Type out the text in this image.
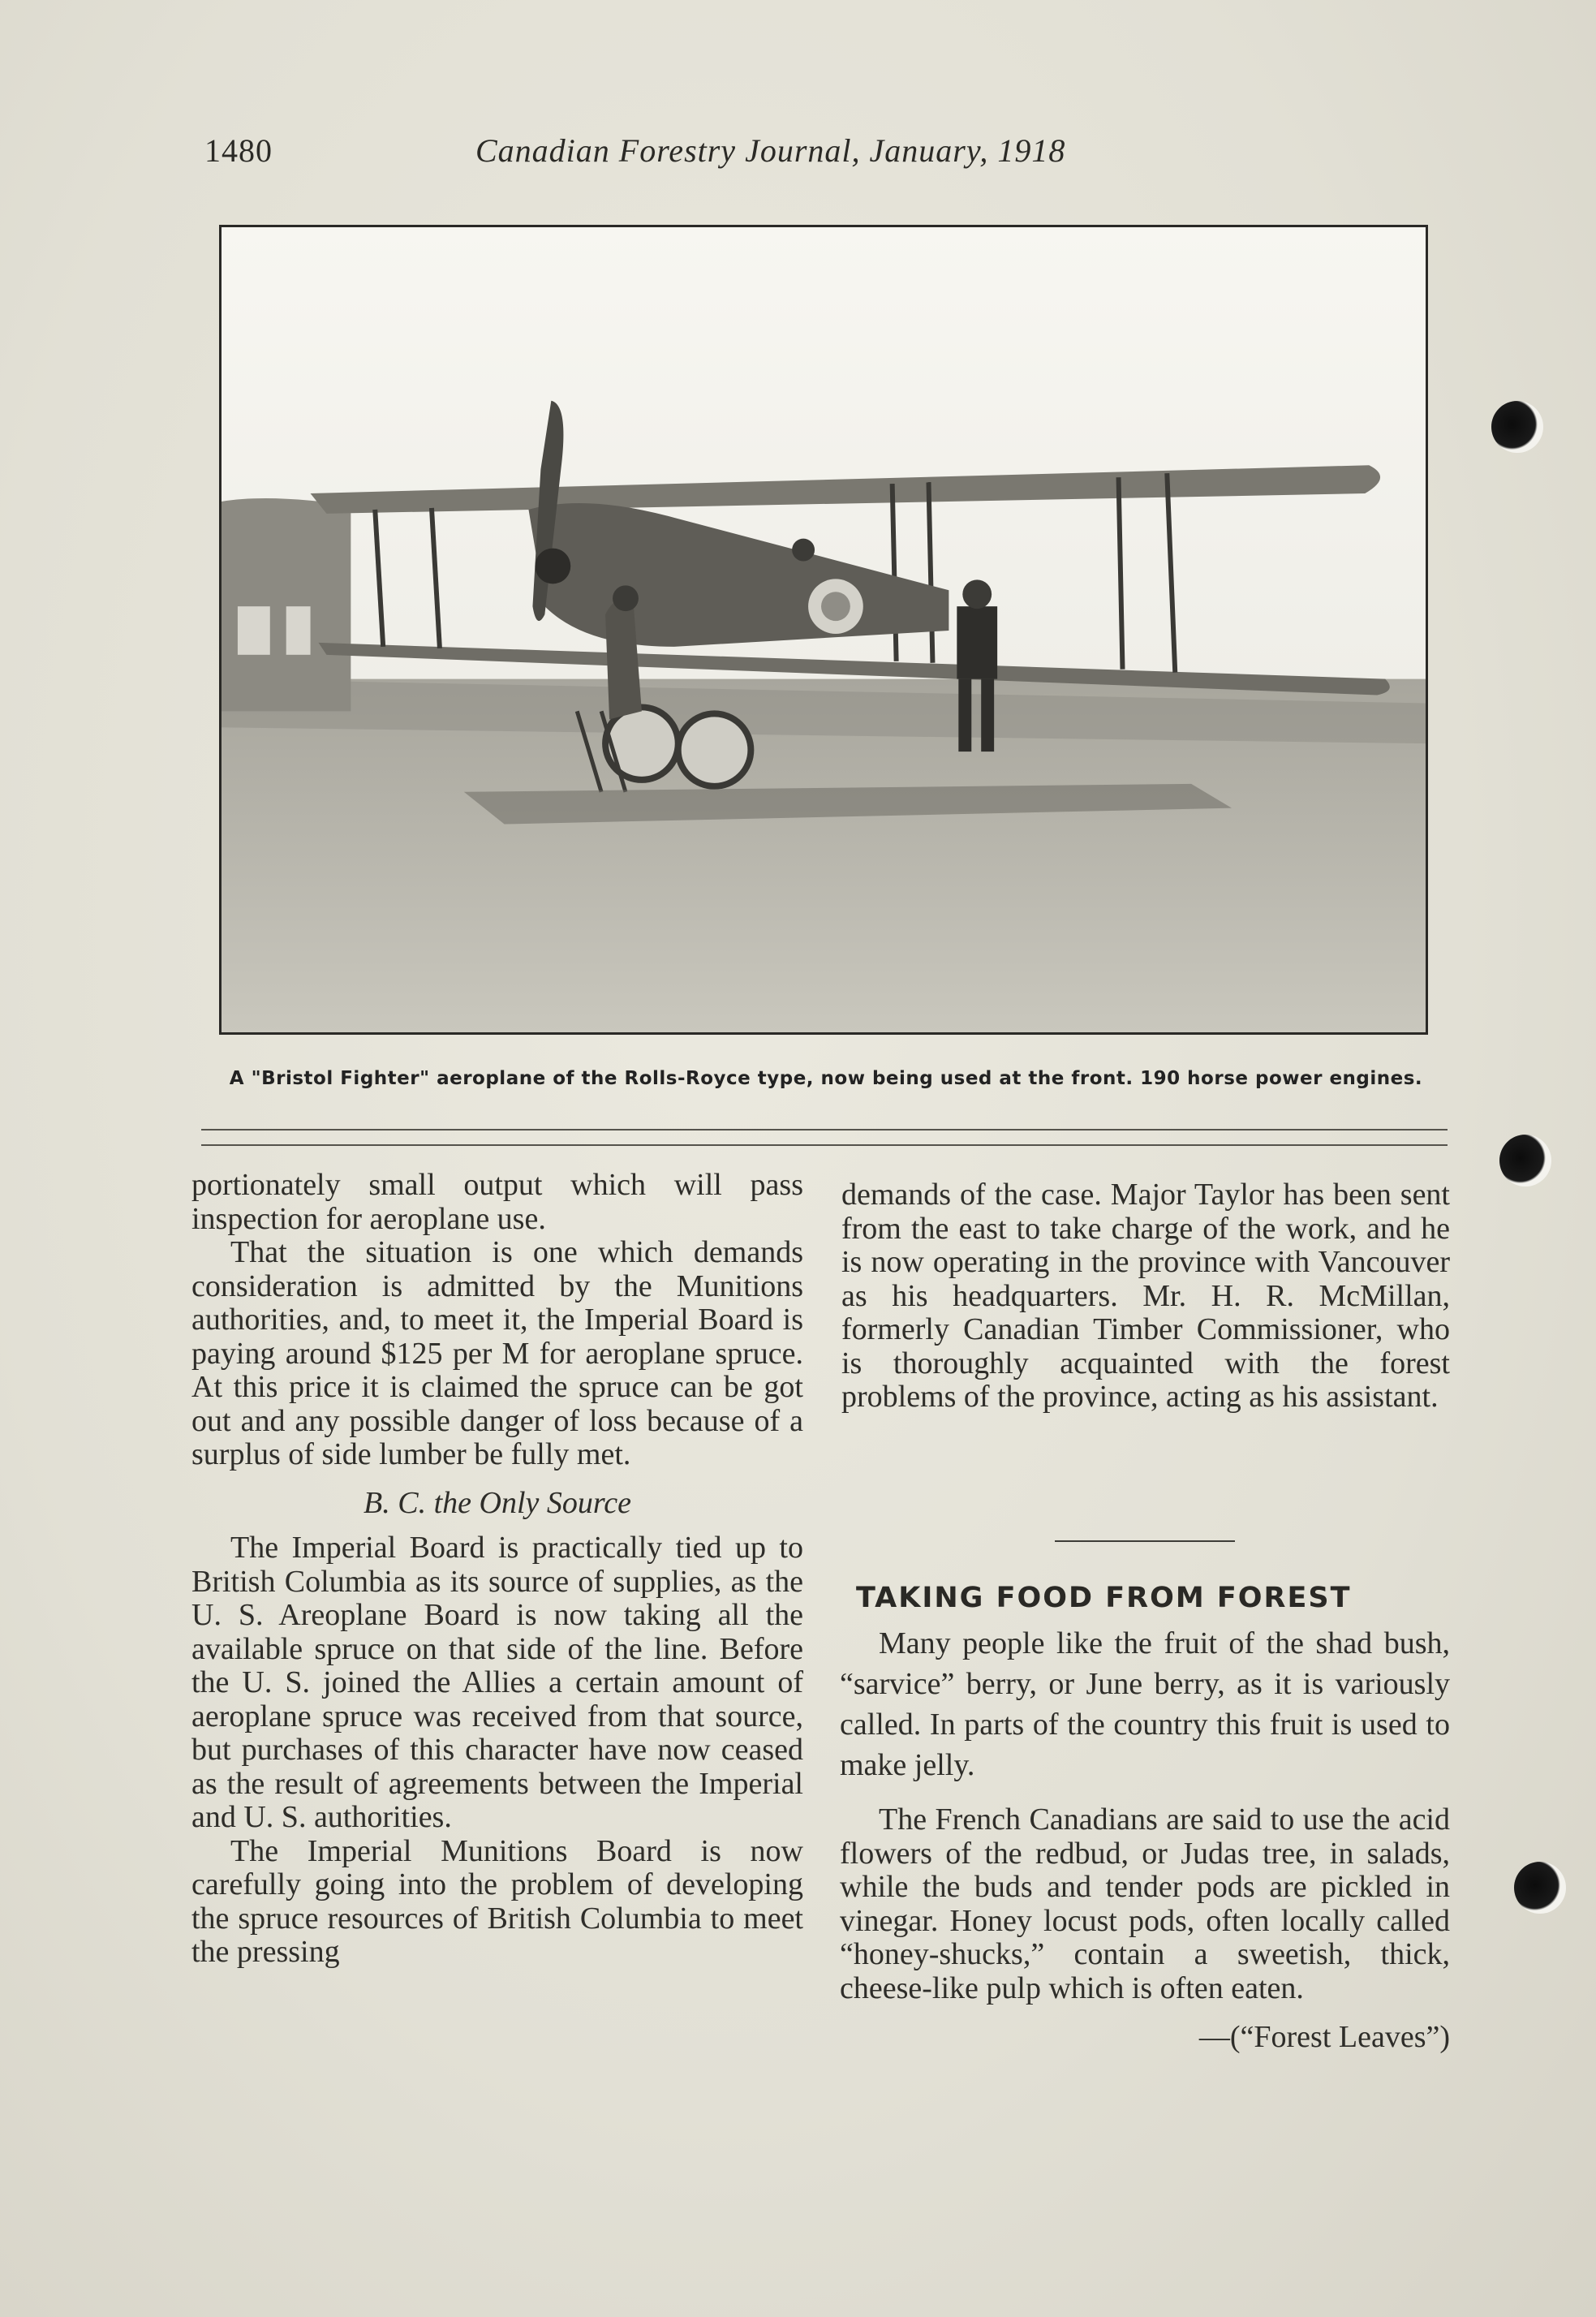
1480	Canadian Forestry Journal, January, 1918
A "Bristol Fighter" aeroplane of the Rolls-Royce type, now being used at the front. 190 horse power engines.

portionately small output which will pass inspection for aeroplane use.

That the situation is one which demands consideration is admitted by the Munitions authorities, and, to meet it, the Imperial Board is paying around $125 per M for aeroplane spruce. At this price it is claimed the spruce can be got out and any possible danger of loss because of a surplus of side lumber be fully met.

B. C. the Only Source

The Imperial Board is practically tied up to British Columbia as its source of supplies, as the U. S. Areoplane Board is now taking all the available spruce on that side of the line. Before the U. S. joined the Allies a certain amount of aeroplane spruce was received from that source, but purchases of this character have now ceased as the result of agreements between the Imperial and U. S. authorities.

The Imperial Munitions Board is now carefully going into the problem of developing the spruce resources of British Columbia to meet the pressing

demands of the case. Major Taylor has been sent from the east to take charge of the work, and he is now operating in the province with Vancouver as his headquarters. Mr. H. R. McMillan, formerly Canadian Timber Commissioner, who is thoroughly acquainted with the forest problems of the province, acting as his assistant.

TAKING FOOD FROM FOREST

Many people like the fruit of the shad bush, “sarvice” berry, or June berry, as it is variously called. In parts of the country this fruit is used to make jelly.

The French Canadians are said to use the acid flowers of the redbud, or Judas tree, in salads, while the buds and tender pods are pickled in vinegar. Honey locust pods, often locally called “honey-shucks,” contain a sweetish, thick, cheese-like pulp which is often eaten.

—(“Forest Leaves”)
